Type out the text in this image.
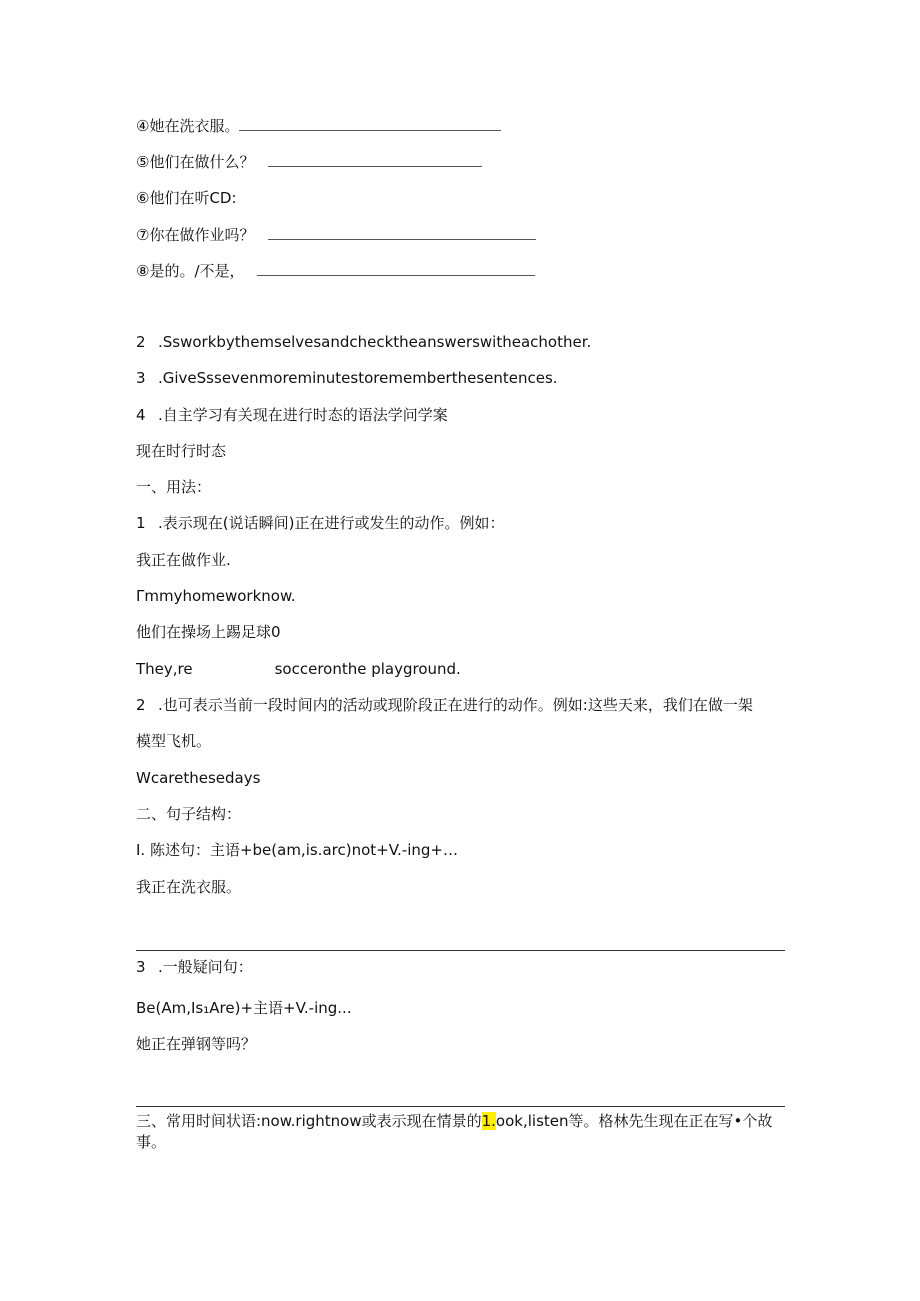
④她在洗衣服。
⑤他们在做什么？
⑥他们在听CD:
⑦你在做作业吗？
⑧是的。/不是，
2 .Ssworkbythemselvesandchecktheanswerswitheachother.
3 .GiveSssevenmoreminutestorememberthesentences.
4 .自主学习有关现在进行时态的语法学问学案
现在时行时态
一、用法：
1 .表示现在(说话瞬间)正在进行或发生的动作。例如：
我正在做作业.
Γmmyhomeworknow.
他们在操场上踢足球0
They,re	socceronthe playground.
2 .也可表示当前一段时间内的活动或现阶段正在进行的动作。例如:这些天来，我们在做一架
模型飞机。
Wcarethesedays
二、句子结构：
I. 陈述句：主语+be(am,is.arc)not+V.-ing+…
我正在洗衣服。
3 .一般疑问句：
Be(Am,Is₁Are)+主语+V.-ing...
她正在弹钢等吗？
三、常用时间状语:now.rightnow或表示现在情景的1.ook,listen等。格林先生现在正在写•个故
事。
